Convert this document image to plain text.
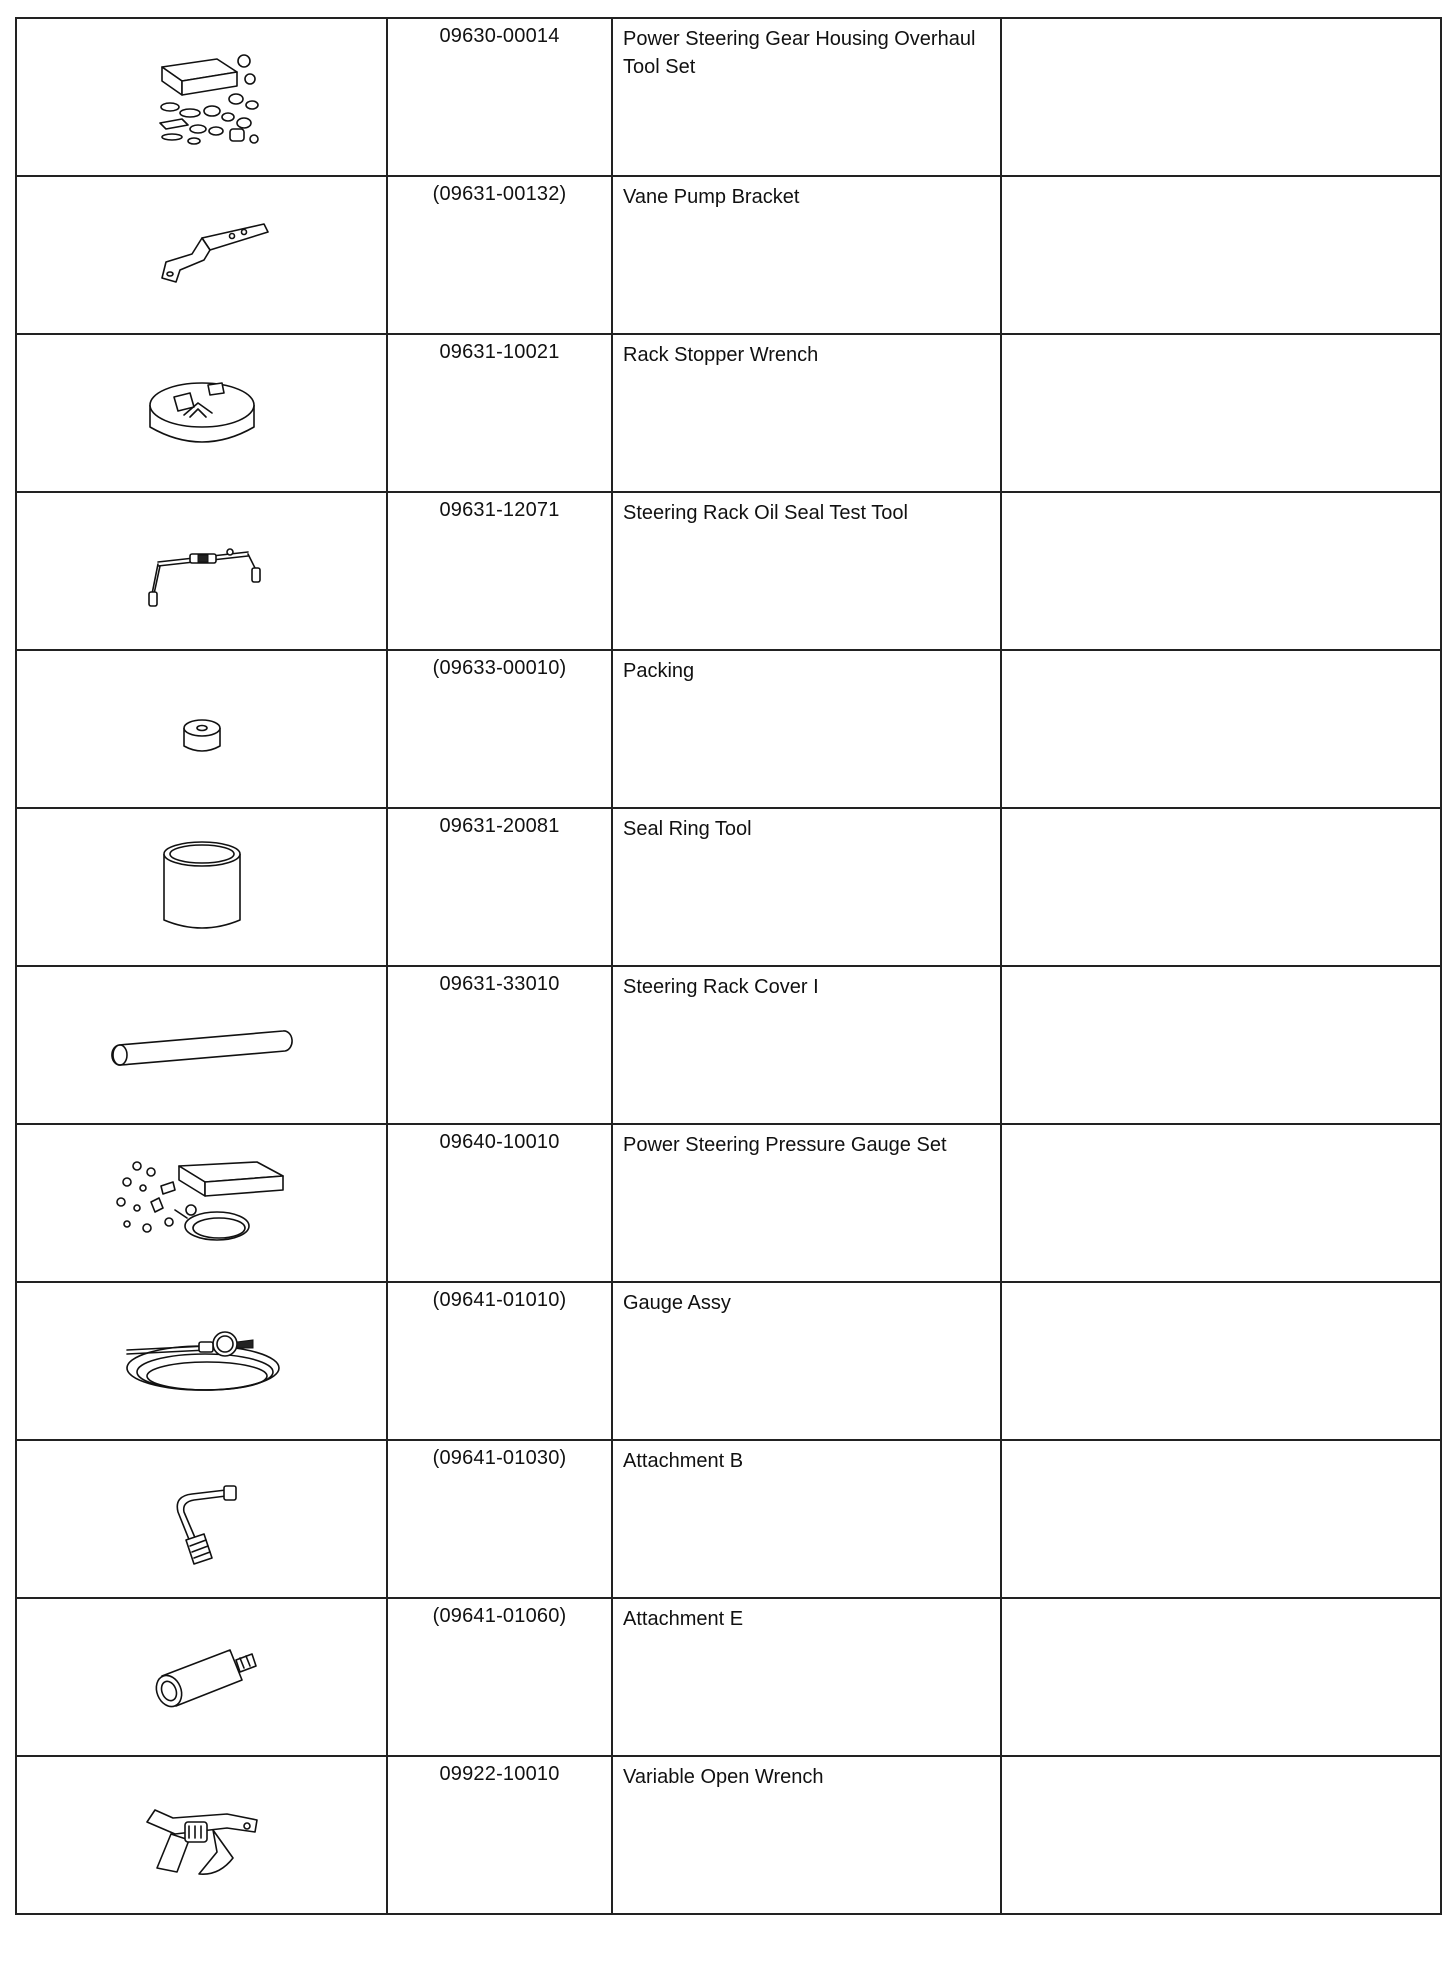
	09630-00014	Power Steering Gear Housing Overhaul Tool Set	

	(09631-00132)	Vane Pump Bracket	

	09631-10021	Rack Stopper Wrench	

	09631-12071	Steering Rack Oil Seal Test Tool	

	(09633-00010)	Packing	

	09631-20081	Seal Ring Tool	

	09631-33010	Steering Rack Cover I	

	09640-10010	Power Steering Pressure Gauge Set	

	(09641-01010)	Gauge Assy	

	(09641-01030)	Attachment B	

	(09641-01060)	Attachment E	

	09922-10010	Variable Open Wrench	
